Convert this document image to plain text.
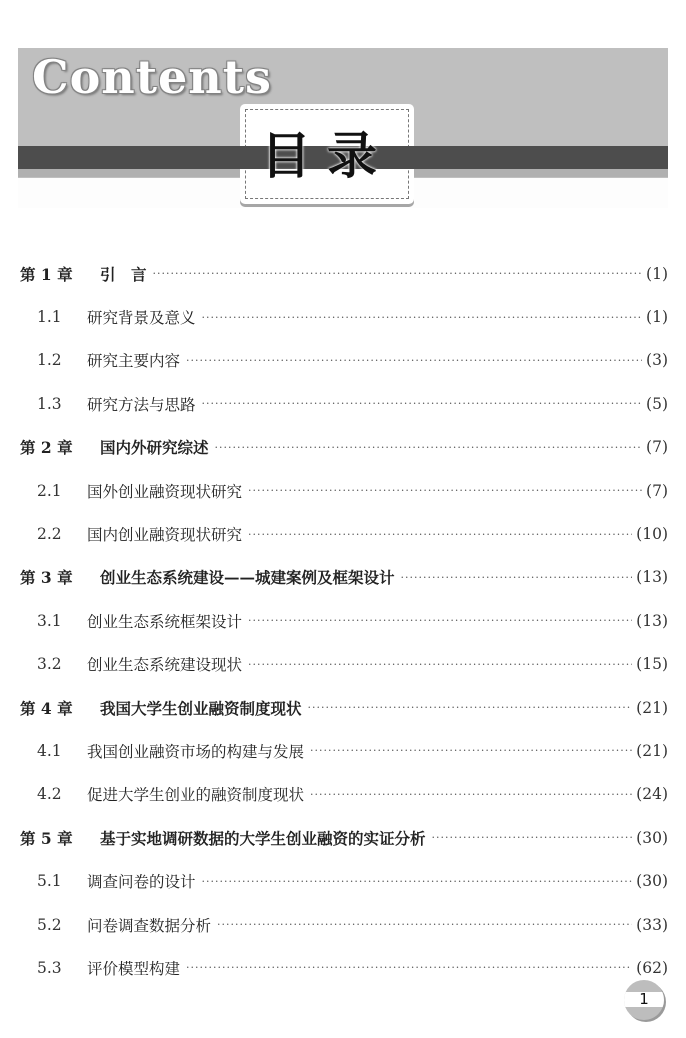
Contents
目录
第 1 章	引　言 ·····	(1)
1.1	研究背景及意义 ·····	(1)
1.2	研究主要内容 ·····	(3)
1.3	研究方法与思路 ·····	(5)
第 2 章	国内外研究综述 ·····	(7)
2.1	国外创业融资现状研究 ·····	(7)
2.2	国内创业融资现状研究 ·····	(10)
第 3 章	创业生态系统建设——城建案例及框架设计 ·····	(13)
3.1	创业生态系统框架设计 ·····	(13)
3.2	创业生态系统建设现状 ·····	(15)
第 4 章	我国大学生创业融资制度现状 ·····	(21)
4.1	我国创业融资市场的构建与发展 ·····	(21)
4.2	促进大学生创业的融资制度现状 ·····	(24)
第 5 章	基于实地调研数据的大学生创业融资的实证分析 ·····	(30)
5.1	调查问卷的设计 ·····	(30)
5.2	问卷调查数据分析 ·····	(33)
5.3	评价模型构建 ·····	(62)
1
